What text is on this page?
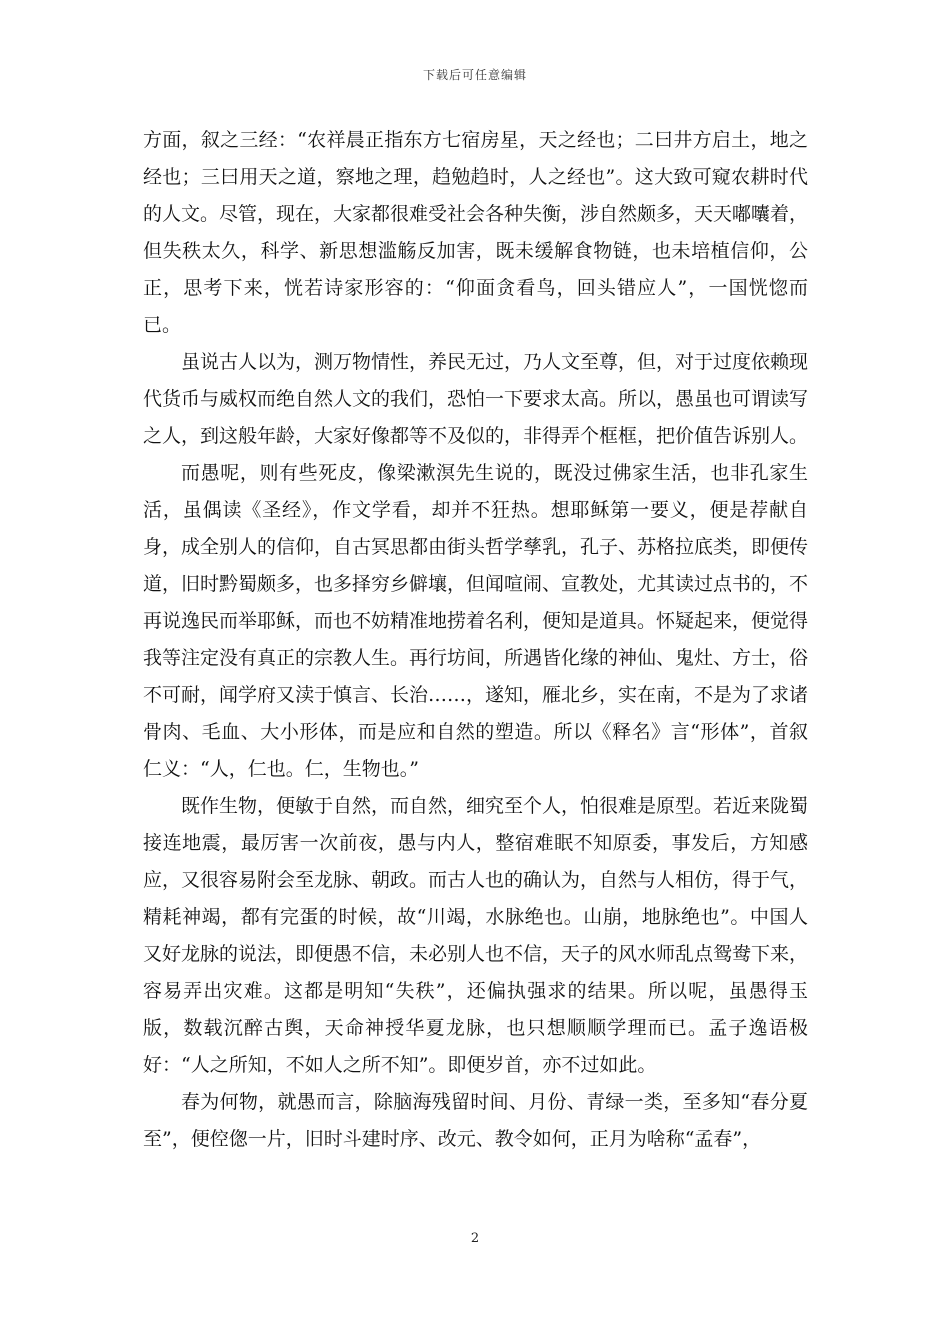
下载后可任意编辑

方面，叙之三经：“农祥晨正指东方七宿房星，天之经也；二曰井方启土，地之经也；三曰用天之道，察地之理，趋勉趋时，人之经也”。这大致可窥农耕时代的人文。尽管，现在，大家都很难受社会各种失衡，涉自然颇多，天天嘟囔着，但失秩太久，科学、新思想滥觞反加害，既未缓解食物链，也未培植信仰，公正，思考下来，恍若诗家形容的：“仰面贪看鸟，回头错应人”，一国恍惚而已。

虽说古人以为，测万物情性，养民无过，乃人文至尊，但，对于过度依赖现代货币与威权而绝自然人文的我们，恐怕一下要求太高。所以，愚虽也可谓读写之人，到这般年龄，大家好像都等不及似的，非得弄个框框，把价值告诉别人。

而愚呢，则有些死皮，像梁漱溟先生说的，既没过佛家生活，也非孔家生活，虽偶读《圣经》，作文学看，却并不狂热。想耶稣第一要义，便是荐献自身，成全别人的信仰，自古冥思都由街头哲学孳乳，孔子、苏格拉底类，即便传道，旧时黔蜀颇多，也多择穷乡僻壤，但闻喧闹、宣教处，尤其读过点书的，不再说逸民而举耶稣，而也不妨精准地捞着名利，便知是道具。怀疑起来，便觉得我等注定没有真正的宗教人生。再行坊间，所遇皆化缘的神仙、鬼灶、方士，俗不可耐，闻学府又渎于慎言、长治……，遂知，雁北乡，实在南，不是为了求诸骨肉、毛血、大小形体，而是应和自然的塑造。所以《释名》言“形体”，首叙仁义：“人，仁也。仁，生物也。”

既作生物，便敏于自然，而自然，细究至个人，怕很难是原型。若近来陇蜀接连地震，最厉害一次前夜，愚与内人，整宿难眠不知原委，事发后，方知感应，又很容易附会至龙脉、朝政。而古人也的确认为，自然与人相仿，得于气，精耗神竭，都有完蛋的时候，故“川竭，水脉绝也。山崩，地脉绝也”。中国人又好龙脉的说法，即便愚不信，未必别人也不信，天子的风水师乱点鸳鸯下来，容易弄出灾难。这都是明知“失秩”，还偏执强求的结果。所以呢，虽愚得玉版，数载沉醉古舆，天命神授华夏龙脉，也只想顺顺学理而已。孟子逸语极好：“人之所知，不如人之所不知”。即便岁首，亦不过如此。

春为何物，就愚而言，除脑海残留时间、月份、青绿一类，至多知“春分夏至”，便倥偬一片，旧时斗建时序、改元、教令如何，正月为啥称“孟春”，

2
